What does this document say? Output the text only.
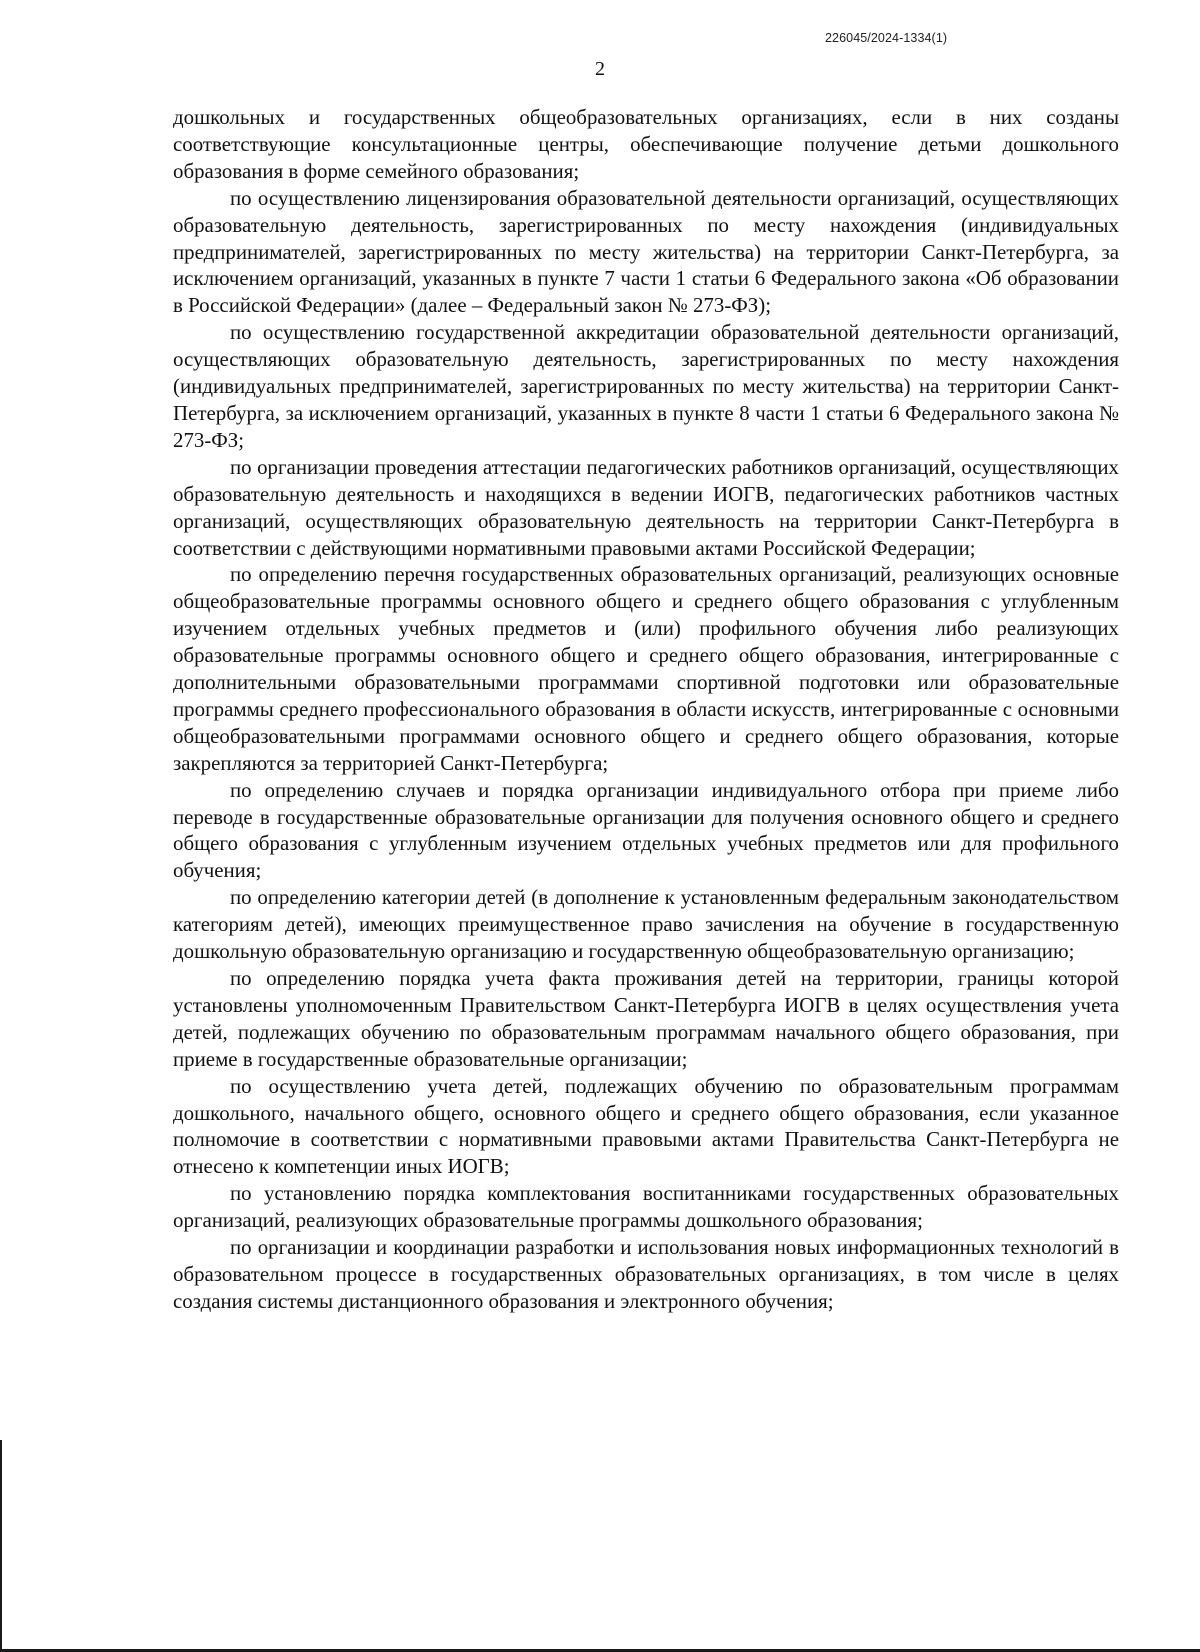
226045/2024-1334(1)
2

дошкольных и государственных общеобразовательных организациях, если в них созданы соответствующие консультационные центры, обеспечивающие получение детьми дошкольного образования в форме семейного образования;

по осуществлению лицензирования образовательной деятельности организаций, осуществляющих образовательную деятельность, зарегистрированных по месту нахождения (индивидуальных предпринимателей, зарегистрированных по месту жительства) на территории Санкт-Петербурга, за исключением организаций, указанных в пункте 7 части 1 статьи 6 Федерального закона «Об образовании в Российской Федерации» (далее – Федеральный закон № 273-ФЗ);

по осуществлению государственной аккредитации образовательной деятельности организаций, осуществляющих образовательную деятельность, зарегистрированных по месту нахождения (индивидуальных предпринимателей, зарегистрированных по месту жительства) на территории Санкт-Петербурга, за исключением организаций, указанных в пункте 8 части 1 статьи 6 Федерального закона № 273-ФЗ;

по организации проведения аттестации педагогических работников организаций, осуществляющих образовательную деятельность и находящихся в ведении ИОГВ, педагогических работников частных организаций, осуществляющих образовательную деятельность на территории Санкт-Петербурга в соответствии с действующими нормативными правовыми актами Российской Федерации;

по определению перечня государственных образовательных организаций, реализующих основные общеобразовательные программы основного общего и среднего общего образования с углубленным изучением отдельных учебных предметов и (или) профильного обучения либо реализующих образовательные программы основного общего и среднего общего образования, интегрированные с дополнительными образовательными программами спортивной подготовки или образовательные программы среднего профессионального образования в области искусств, интегрированные с основными общеобразовательными программами основного общего и среднего общего образования, которые закрепляются за территорией Санкт-Петербурга;

по определению случаев и порядка организации индивидуального отбора при приеме либо переводе в государственные образовательные организации для получения основного общего и среднего общего образования с углубленным изучением отдельных учебных предметов или для профильного обучения;

по определению категории детей (в дополнение к установленным федеральным законодательством категориям детей), имеющих преимущественное право зачисления на обучение в государственную дошкольную образовательную организацию и государственную общеобразовательную организацию;

по определению порядка учета факта проживания детей на территории, границы которой установлены уполномоченным Правительством Санкт-Петербурга ИОГВ в целях осуществления учета детей, подлежащих обучению по образовательным программам начального общего образования, при приеме в государственные образовательные организации;

по осуществлению учета детей, подлежащих обучению по образовательным программам дошкольного, начального общего, основного общего и среднего общего образования, если указанное полномочие в соответствии с нормативными правовыми актами Правительства Санкт-Петербурга не отнесено к компетенции иных ИОГВ;

по установлению порядка комплектования воспитанниками государственных образовательных организаций, реализующих образовательные программы дошкольного образования;

по организации и координации разработки и использования новых информационных технологий в образовательном процессе в государственных образовательных организациях, в том числе в целях создания системы дистанционного образования и электронного обучения;
